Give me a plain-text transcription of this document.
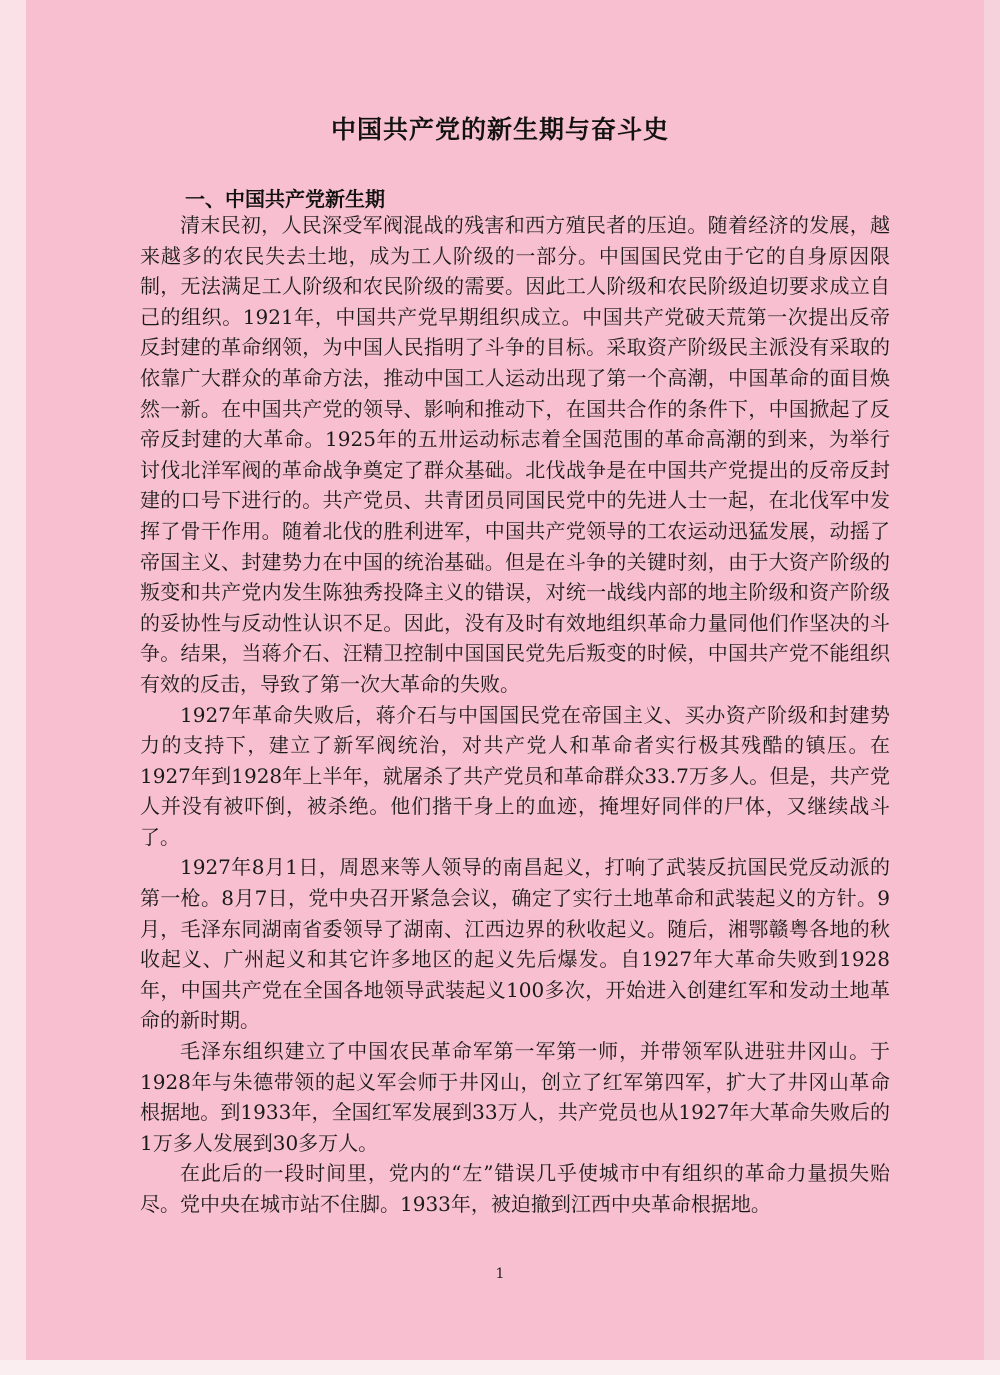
中国共产党的新生期与奋斗史
一、中国共产党新生期

清末民初，人民深受军阀混战的残害和西方殖民者的压迫。随着经济的发展，越来越多的农民失去土地，成为工人阶级的一部分。中国国民党由于它的自身原因限制，无法满足工人阶级和农民阶级的需要。因此工人阶级和农民阶级迫切要求成立自己的组织。1921年，中国共产党早期组织成立。中国共产党破天荒第一次提出反帝反封建的革命纲领，为中国人民指明了斗争的目标。采取资产阶级民主派没有采取的依靠广大群众的革命方法，推动中国工人运动出现了第一个高潮，中国革命的面目焕然一新。在中国共产党的领导、影响和推动下，在国共合作的条件下，中国掀起了反帝反封建的大革命。1925年的五卅运动标志着全国范围的革命高潮的到来，为举行讨伐北洋军阀的革命战争奠定了群众基础。北伐战争是在中国共产党提出的反帝反封建的口号下进行的。共产党员、共青团员同国民党中的先进人士一起，在北伐军中发挥了骨干作用。随着北伐的胜利进军，中国共产党领导的工农运动迅猛发展，动摇了帝国主义、封建势力在中国的统治基础。但是在斗争的关键时刻，由于大资产阶级的叛变和共产党内发生陈独秀投降主义的错误，对统一战线内部的地主阶级和资产阶级的妥协性与反动性认识不足。因此，没有及时有效地组织革命力量同他们作坚决的斗争。结果，当蒋介石、汪精卫控制中国国民党先后叛变的时候，中国共产党不能组织有效的反击，导致了第一次大革命的失败。

1927年革命失败后，蒋介石与中国国民党在帝国主义、买办资产阶级和封建势力的支持下，建立了新军阀统治，对共产党人和革命者实行极其残酷的镇压。在1927年到1928年上半年，就屠杀了共产党员和革命群众33.7万多人。但是，共产党人并没有被吓倒，被杀绝。他们揩干身上的血迹，掩埋好同伴的尸体，又继续战斗了。

1927年8月1日，周恩来等人领导的南昌起义，打响了武装反抗国民党反动派的第一枪。8月7日，党中央召开紧急会议，确定了实行土地革命和武装起义的方针。9月，毛泽东同湖南省委领导了湖南、江西边界的秋收起义。随后，湘鄂赣粤各地的秋收起义、广州起义和其它许多地区的起义先后爆发。自1927年大革命失败到1928年，中国共产党在全国各地领导武装起义100多次，开始进入创建红军和发动土地革命的新时期。

毛泽东组织建立了中国农民革命军第一军第一师，并带领军队进驻井冈山。于1928年与朱德带领的起义军会师于井冈山，创立了红军第四军，扩大了井冈山革命根据地。到1933年，全国红军发展到33万人，共产党员也从1927年大革命失败后的1万多人发展到30多万人。

在此后的一段时间里，党内的“左”错误几乎使城市中有组织的革命力量损失贻尽。党中央在城市站不住脚。1933年，被迫撤到江西中央革命根据地。

1
